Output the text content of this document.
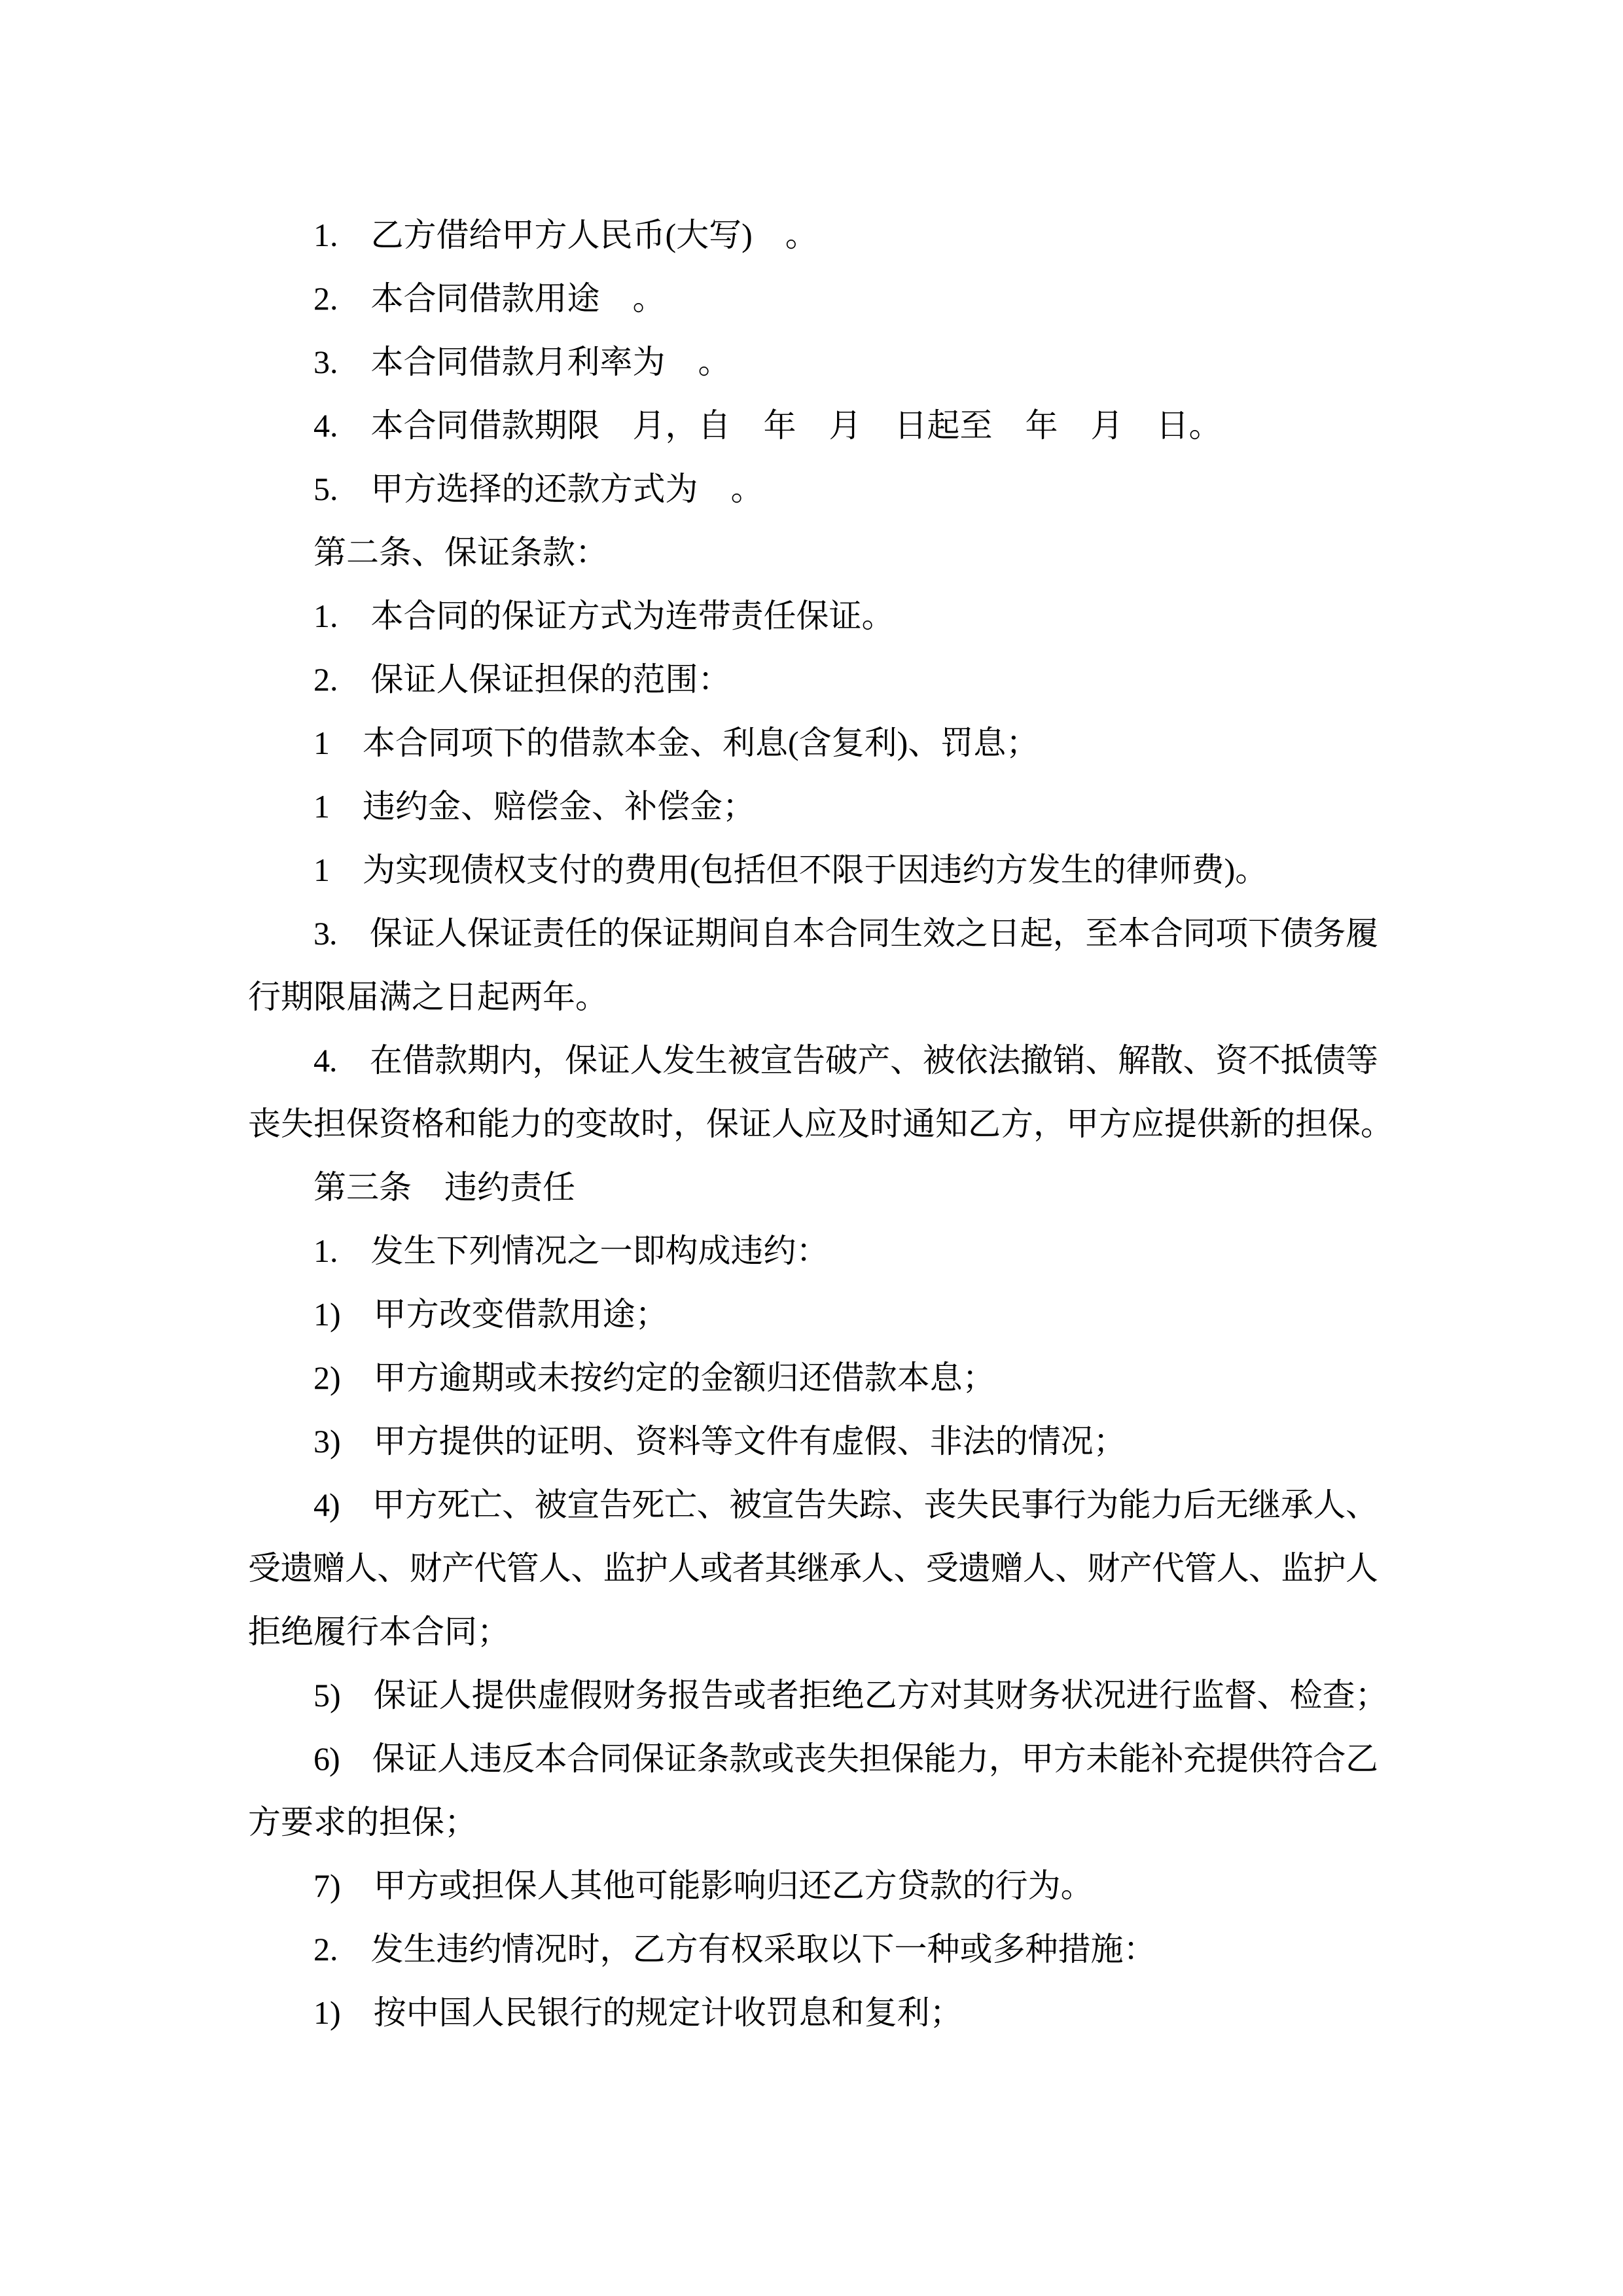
1.　乙方借给甲方人民币(大写)　。
2.　本合同借款用途　。
3.　本合同借款月利率为　。
4.　本合同借款期限　月，自　年　月　日起至　年　月　日。
5.　甲方选择的还款方式为　。
第二条、保证条款：
1.　本合同的保证方式为连带责任保证。
2.　保证人保证担保的范围：
1　本合同项下的借款本金、利息(含复利)、罚息；
1　违约金、赔偿金、补偿金；
1　为实现债权支付的费用(包括但不限于因违约方发生的律师费)。
3.　保证人保证责任的保证期间自本合同生效之日起，至本合同项下债务履
行期限届满之日起两年。
4.　在借款期内，保证人发生被宣告破产、被依法撤销、解散、资不抵债等
丧失担保资格和能力的变故时，保证人应及时通知乙方，甲方应提供新的担保。
第三条　违约责任
1.　发生下列情况之一即构成违约：
1)　甲方改变借款用途；
2)　甲方逾期或未按约定的金额归还借款本息；
3)　甲方提供的证明、资料等文件有虚假、非法的情况；
4)　甲方死亡、被宣告死亡、被宣告失踪、丧失民事行为能力后无继承人、
受遗赠人、财产代管人、监护人或者其继承人、受遗赠人、财产代管人、监护人
拒绝履行本合同；
5)　保证人提供虚假财务报告或者拒绝乙方对其财务状况进行监督、检查；
6)　保证人违反本合同保证条款或丧失担保能力，甲方未能补充提供符合乙
方要求的担保；
7)　甲方或担保人其他可能影响归还乙方贷款的行为。
2.　发生违约情况时，乙方有权采取以下一种或多种措施：
1)　按中国人民银行的规定计收罚息和复利；
